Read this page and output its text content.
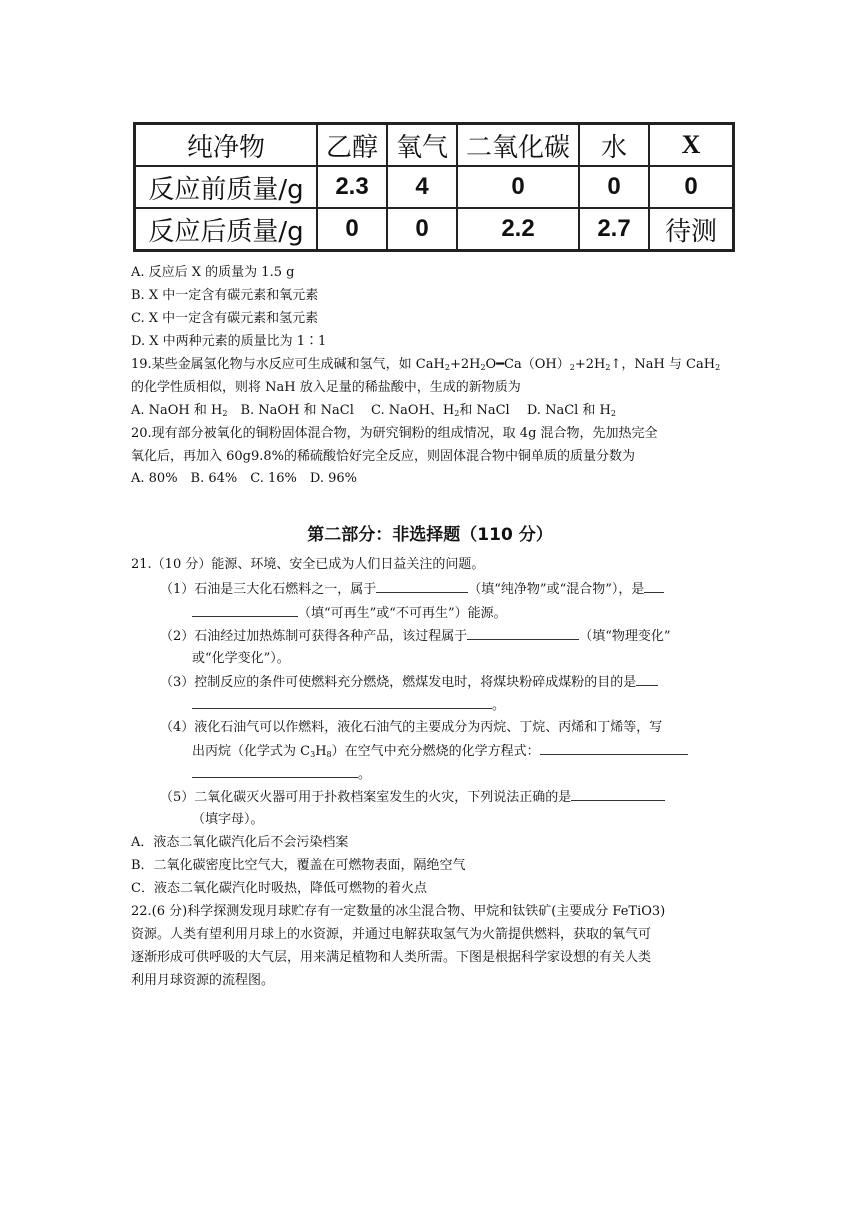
纯净物	乙醇	氧气	二氧化碳	水	X
反应前质量/g	2.3	4	0	0	0
反应后质量/g	0	0	2.2	2.7	待测
A. 反应后 X 的质量为 1.5 g
B. X 中一定含有碳元素和氧元素
C. X 中一定含有碳元素和氢元素
D. X 中两种元素的质量比为 1∶1
19.某些金属氢化物与水反应可生成碱和氢气，如 $CaH_2+2H_2O━Ca(OH)_2+2H_2↑$，NaH 与 CaH$_2$
的化学性质相似，则将 NaH 放入足量的稀盐酸中，生成的新物质为
A. NaOH 和 $H_2$　B. NaOH 和 NaCl　 C. NaOH、$H_2$和 NaCl　 D. NaCl 和 $H_2$
20.现有部分被氧化的铜粉固体混合物，为研究铜粉的组成情况，取 4g 混合物，先加热完全
氧化后，再加入 60g9.8%的稀硫酸恰好完全反应，则固体混合物中铜单质的质量分数为
A. 80%　B. 64%　C. 16%　D. 96%
第二部分：非选择题（110 分）
21.（10 分）能源、环境、安全已成为人们日益关注的问题。
（1）石油是三大化石燃料之一，属于	（填“纯净物”或“混合物”），是
（填“可再生”或“不可再生”）能源。
（2）石油经过加热炼制可获得各种产品，该过程属于	（填“物理变化”
或“化学变化”）。
（3）控制反应的条件可使燃料充分燃烧，燃煤发电时，将煤块粉碎成煤粉的目的是
。
（4）液化石油气可以作燃料，液化石油气的主要成分为丙烷、丁烷、丙烯和丁烯等，写
出丙烷（化学式为 $C_3H_8$）在空气中充分燃烧的化学方程式：
。
（5）二氧化碳灭火器可用于扑救档案室发生的火灾，下列说法正确的是
（填字母）。
A．液态二氧化碳汽化后不会污染档案
B．二氧化碳密度比空气大，覆盖在可燃物表面，隔绝空气
C．液态二氧化碳汽化时吸热，降低可燃物的着火点
22.(6 分)科学探测发现月球贮存有一定数量的冰尘混合物、甲烷和钛铁矿(主要成分 FeTiO3)
资源。人类有望利用月球上的水资源，并通过电解获取氢气为火箭提供燃料，获取的氧气可
逐渐形成可供呼吸的大气层，用来满足植物和人类所需。下图是根据科学家设想的有关人类
利用月球资源的流程图。
